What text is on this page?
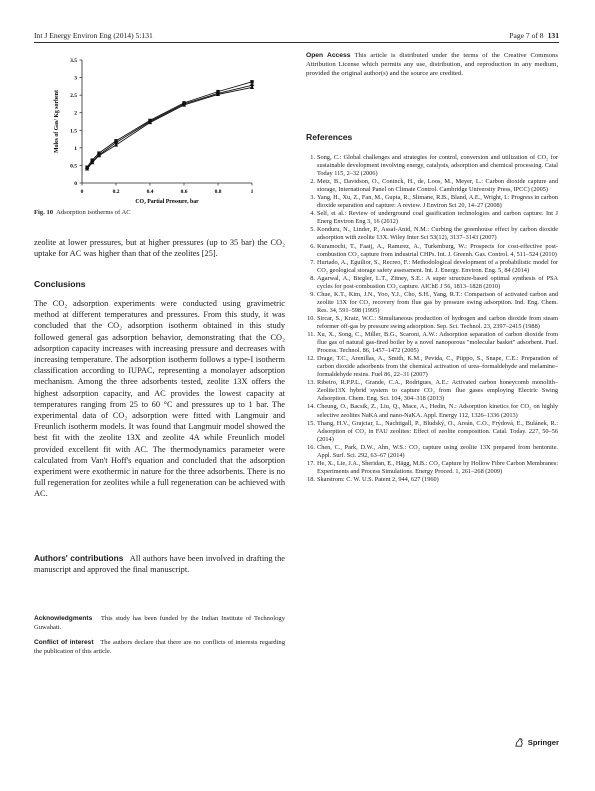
Int J Energy Environ Eng (2014) 5:131	Page 7 of 8 131
0	0.2	0.4	0.6	0.8	1
0
0.5
1
1.5
2
2.5
3
3.5
CO₂ Partial Pressure, bar
Moles of Gas/ Kg sorbent
Fig. 10 Adsorption isotherms of AC

zeolite at lower pressures, but at higher pressures (up to 35 bar) the CO₂ uptake for AC was higher than that of the zeolites [25].

Conclusions

The CO₂ adsorption experiments were conducted using gravimetric method at different temperatures and pressures. From this study, it was concluded that the CO₂ adsorption isotherm obtained in this study followed general gas adsorption behavior, demonstrating that the CO₂ adsorption capacity increases with increasing pressure and decreases with increasing temperature. The adsorption isotherm follows a type-I isotherm classification according to IUPAC, representing a monolayer adsorption mechanism. Among the three adsorbents tested, zeolite 13X offers the highest adsorption capacity, and AC provides the lowest capacity at temperatures ranging from 25 to 60 °C and pressures up to 1 bar. The experimental data of CO₂ adsorption were fitted with Langmuir and Freunlich isotherm models. It was found that Langmuir model showed the best fit with the zeolite 13X and zeolite 4A while Freunlich model provided excellent fit with AC. The thermodynamics parameter were calculated from Van't Hoff's equation and concluded that the adsorption experiment were exothermic in nature for the three adsorbents. There is no full regeneration for zeolites while a full regeneration can be achieved with AC.

Authors' contributions All authors have been involved in drafting the manuscript and approved the final manuscript.

Acknowledgments This study has been funded by the Indian Institute of Technology Guwahati.

Conflict of interest The authors declare that there are no conflicts of interests regarding the publication of this article.

Open Access This article is distributed under the terms of the Creative Commons Attribution License which permits any use, distribution, and reproduction in any medium, provided the original author(s) and the source are credited.

References
1. Song, C.: Global challenges and strategies for control, conversion and utilization of CO₂ for sustainable development involving energy, catalysis, adsorption and chemical processing. Catal Today 115, 2–32 (2006)
2. Metz, B., Davidson, O., Coninck, H., de, Loos, M., Meyer, L.: Carbon dioxide capture and storage, International Panel on Climate Control. Cambridge University Press, IPCC) (2005)
3. Yang, H., Xu, Z., Fan, M., Gupta, R., Slimane, R.B., Bland, A.E., Wright, I.: Progress in carbon dioxide separation and capture: A review. J Environ Sci 20, 14–27 (2008)
4. Self, et al.: Review of underground coal gasification technologies and carbon capture. Int J Energ Environ Eng 3, 16 (2012)
5. Konduru, N., Linder, P., Assaf-Anid, N.M.: Curbing the greenhouse effect by carbon dioxide adsorption with zeolite 13X. Wiley Inter Sci 53(12), 3137–3143 (2007)
6. Kuramochi, T., Faaij, A., Ramırez, A., Turkenburg, W.: Prospects for cost-effective post-combustion CO₂ capture from industrial CHPs. Int. J. Greenh. Gas. Control. 4, 511–524 (2010)
7. Hurtado, A., Eguilior, S., Recreo, F.: Methodological development of a probabilistic model for CO₂ geological storage safety assessment. Int. J. Energy. Environ. Eng. 5, 84 (2014)
8. Agarwal, A., Biegler, L.T., Zitney, S.E.: A super structure-based optimal synthesis of PSA cycles for post-combustion CO₂ capture. AIChE J 56, 1813–1828 (2010)
9. Chue, K.T., Kim, J.N., Yoo, Y.J., Cho, S.H., Yang, R.T.: Comparison of activated carbon and zeolite 13X for CO₂ recovery from flue gas by pressure swing adsorption. Ind. Eng. Chem. Res. 34, 591–598 (1995)
10. Sircar, S., Kratz, W.C.: Simultaneous production of hydrogen and carbon dioxide from steam reformer off-gas by pressure swing adsorption. Sep. Sci. Technol. 23, 2397–2415 (1988)
11. Xu, X., Song, C., Miller, B.G., Scaroni, A.W.: Adsorption separation of carbon dioxide from flue gas of natural gas-fired boiler by a novel nanoporous "molecular basket" adsorbent. Fuel. Process. Technol. 86, 1457–1472 (2005)
12. Drage, T.C., Arenillas, A., Smith, K.M., Pevida, C., Piippo, S., Snape, C.E.: Preparation of carbon dioxide adsorbents from the chemical activation of urea–formaldehyde and melamine–formaldehyde resins. Fuel 86, 22–31 (2007)
13. Ribeiro, R.P.P.L., Grande, C.A., Rodrigues, A.E.: Activated carbon honeycomb monolith–Zeolite13X hybrid system to capture CO₂ from flue gases employing Electric Swing Adsorption. Chem. Eng. Sci. 104, 304–318 (2013)
14. Cheung, O., Bacsik, Z., Liu, Q., Mace, A., Hedin, N.: Adsorption kinetics for CO₂ on highly selective zeolites NaKA and nano-NaKA. Appl. Energy 112, 1326–1336 (2013)
15. Thang, H.V., Grajciar, L., Nachtigall, P., Bludský, O., Areán, C.O., Frýdová, E., Bulánek, R.: Adsorption of CO₂ in FAU zeolites: Effect of zeolite composition. Catal. Today. 227, 50–56 (2014)
16. Chen, C., Park, D.W., Ahn, W.S.: CO₂ capture using zeolite 13X prepared from bentonite. Appl. Surf. Sci. 292, 63–67 (2014)
17. He, X., Lie, J.A., Sheridan, E., Hägg, M.B.: CO₂ Capture by Hollow Fibre Carbon Membranes: Experiments and Process Simulations. Energy Proced. 1, 261–268 (2009)
18. Skarstrom: C. W. U.S. Patent 2, 944, 627 (1960)
Springer
